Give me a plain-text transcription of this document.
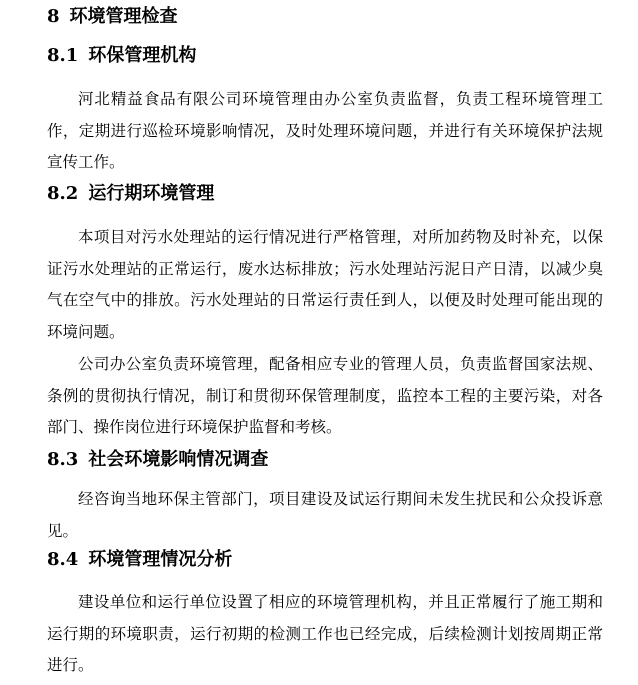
8 环境管理检查
8.1 环保管理机构

河北精益食品有限公司环境管理由办公室负责监督，负责工程环境管理工作，定期进行巡检环境影响情况，及时处理环境问题，并进行有关环境保护法规宣传工作。

8.2 运行期环境管理

本项目对污水处理站的运行情况进行严格管理，对所加药物及时补充，以保证污水处理站的正常运行，废水达标排放；污水处理站污泥日产日清，以减少臭气在空气中的排放。污水处理站的日常运行责任到人，以便及时处理可能出现的环境问题。

公司办公室负责环境管理，配备相应专业的管理人员，负责监督国家法规、条例的贯彻执行情况，制订和贯彻环保管理制度，监控本工程的主要污染，对各部门、操作岗位进行环境保护监督和考核。

8.3 社会环境影响情况调查

经咨询当地环保主管部门，项目建设及试运行期间未发生扰民和公众投诉意见。

8.4 环境管理情况分析

建设单位和运行单位设置了相应的环境管理机构，并且正常履行了施工期和运行期的环境职责，运行初期的检测工作也已经完成，后续检测计划按周期正常进行。
